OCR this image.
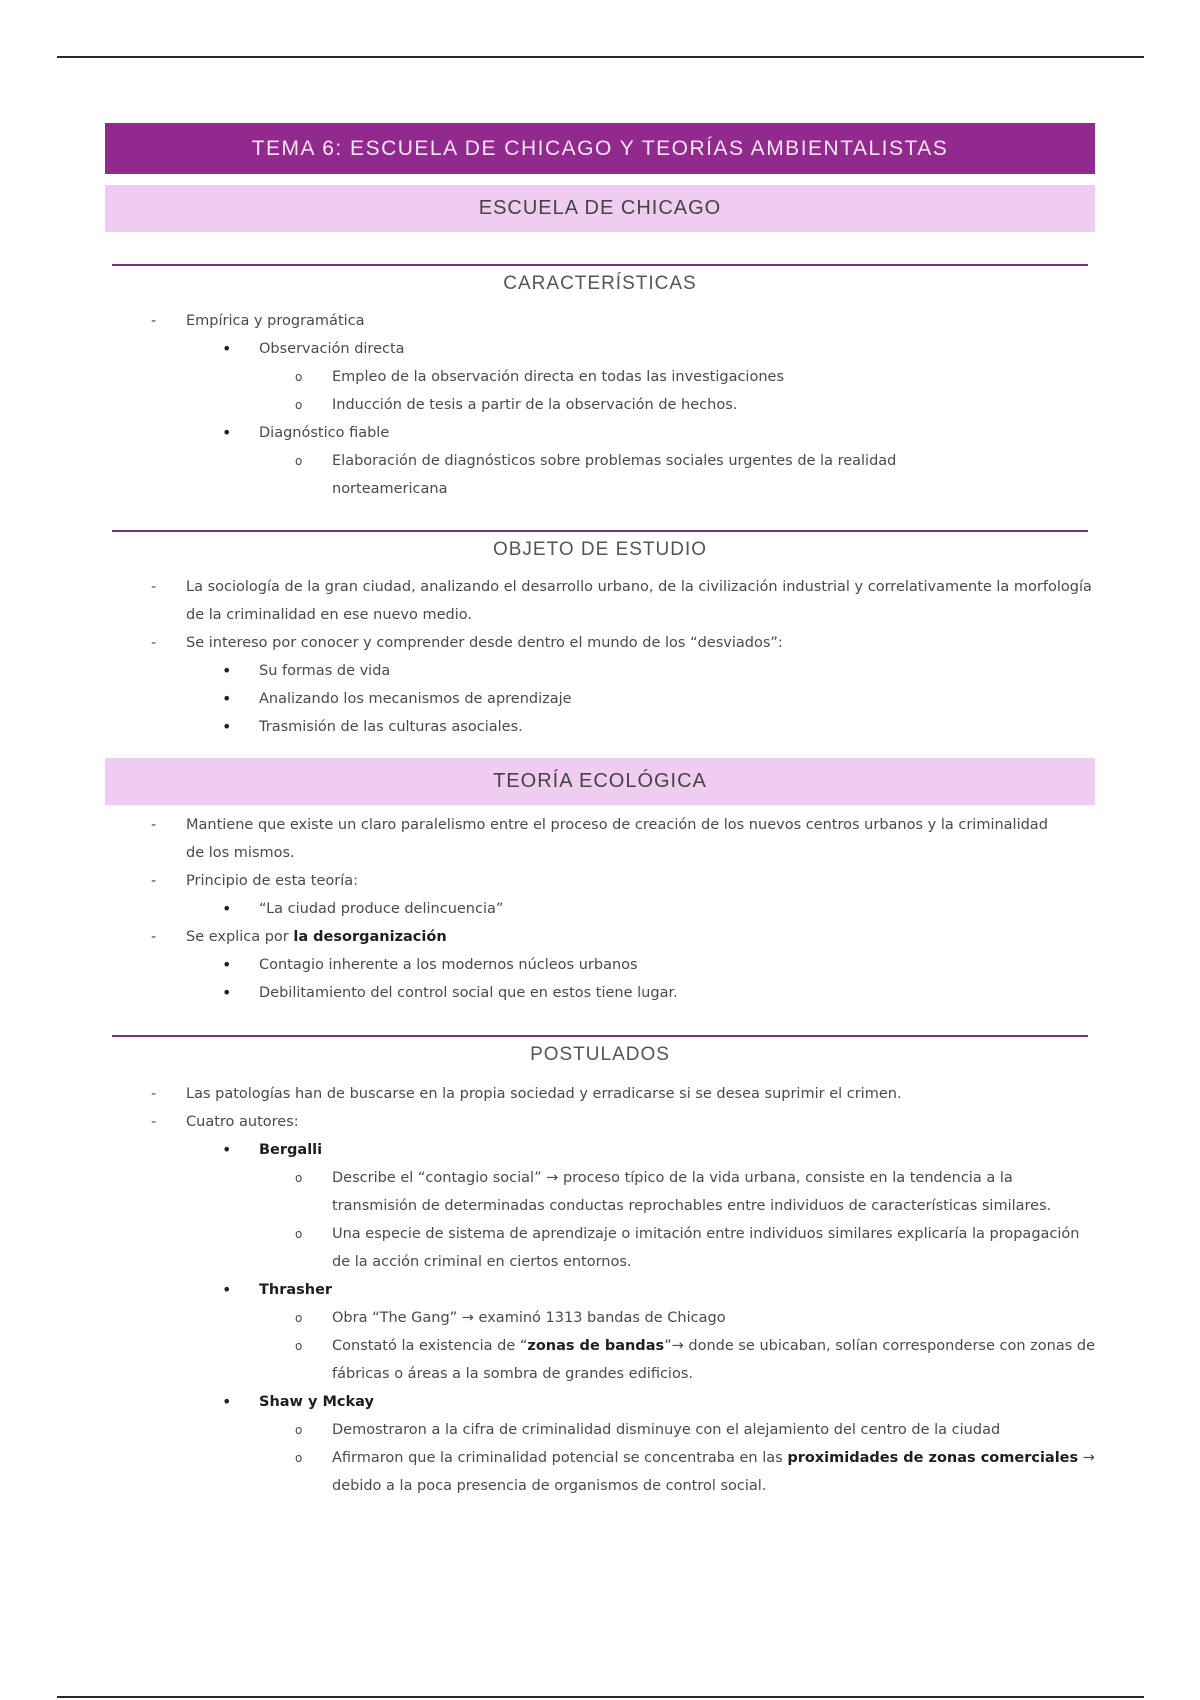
TEMA 6: ESCUELA DE CHICAGO Y TEORÍAS AMBIENTALISTAS
ESCUELA DE CHICAGO
CARACTERÍSTICAS
- Empírica y programática
• Observación directa
o Empleo de la observación directa en todas las investigaciones
o Inducción de tesis a partir de la observación de hechos.
• Diagnóstico fiable
o Elaboración de diagnósticos sobre problemas sociales urgentes de la realidad norteamericana
OBJETO DE ESTUDIO
- La sociología de la gran ciudad, analizando el desarrollo urbano, de la civilización industrial y correlativamente la morfología de la criminalidad en ese nuevo medio.
- Se intereso por conocer y comprender desde dentro el mundo de los “desviados”:
• Su formas de vida
• Analizando los mecanismos de aprendizaje
• Trasmisión de las culturas asociales.
TEORÍA ECOLÓGICA
- Mantiene que existe un claro paralelismo entre el proceso de creación de los nuevos centros urbanos y la criminalidad de los mismos.
- Principio de esta teoría:
• “La ciudad produce delincuencia”
- Se explica por la desorganización
• Contagio inherente a los modernos núcleos urbanos
• Debilitamiento del control social que en estos tiene lugar.
POSTULADOS
- Las patologías han de buscarse en la propia sociedad y erradicarse si se desea suprimir el crimen.
- Cuatro autores:
• Bergalli
o Describe el “contagio social” → proceso típico de la vida urbana, consiste en la tendencia a la transmisión de determinadas conductas reprochables entre individuos de características similares.
o Una especie de sistema de aprendizaje o imitación entre individuos similares explicaría la propagación de la acción criminal en ciertos entornos.
• Thrasher
o Obra “The Gang” → examinó 1313 bandas de Chicago
o Constató la existencia de “zonas de bandas”→ donde se ubicaban, solían corresponderse con zonas de fábricas o áreas a la sombra de grandes edificios.
• Shaw y Mckay
o Demostraron a la cifra de criminalidad disminuye con el alejamiento del centro de la ciudad
o Afirmaron que la criminalidad potencial se concentraba en las proximidades de zonas comerciales → debido a la poca presencia de organismos de control social.
